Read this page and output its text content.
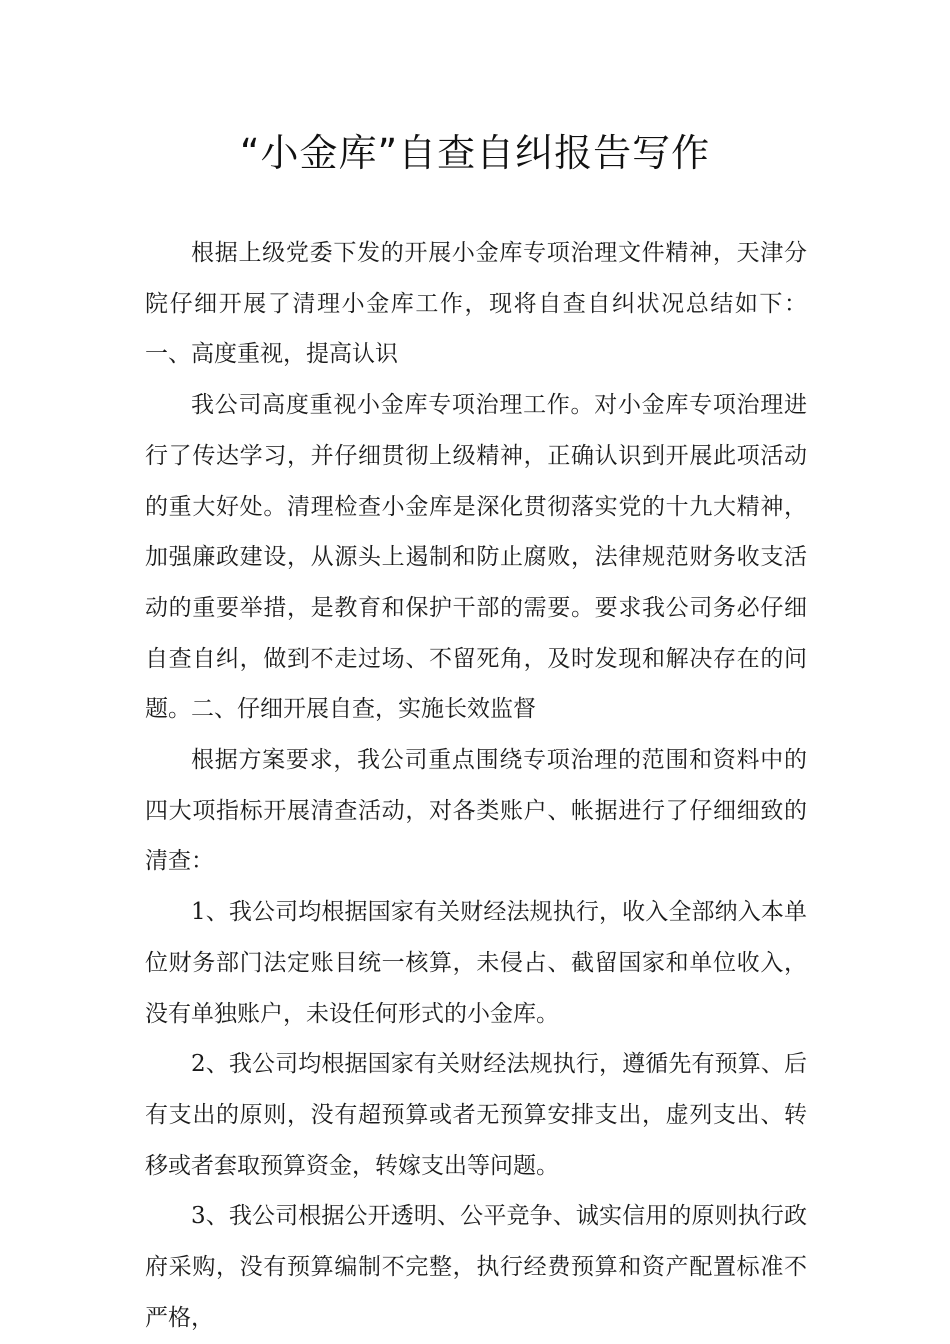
“小金库”自查自纠报告写作

根据上级党委下发的开展小金库专项治理文件精神，天津分院仔细开展了清理小金库工作，现将自查自纠状况总结如下：一、高度重视，提高认识

我公司高度重视小金库专项治理工作。对小金库专项治理进行了传达学习，并仔细贯彻上级精神，正确认识到开展此项活动的重大好处。清理检查小金库是深化贯彻落实党的十九大精神，加强廉政建设，从源头上遏制和防止腐败，法律规范财务收支活动的重要举措，是教育和保护干部的需要。要求我公司务必仔细自查自纠，做到不走过场、不留死角，及时发现和解决存在的问题。二、仔细开展自查，实施长效监督

根据方案要求，我公司重点围绕专项治理的范围和资料中的四大项指标开展清查活动，对各类账户、帐据进行了仔细细致的清查：

1、我公司均根据国家有关财经法规执行，收入全部纳入本单位财务部门法定账目统一核算，未侵占、截留国家和单位收入，没有单独账户，未设任何形式的小金库。

2、我公司均根据国家有关财经法规执行，遵循先有预算、后有支出的原则，没有超预算或者无预算安排支出，虚列支出、转移或者套取预算资金，转嫁支出等问题。

3、我公司根据公开透明、公平竞争、诚实信用的原则执行政府采购，没有预算编制不完整，执行经费预算和资产配置标准不严格，
